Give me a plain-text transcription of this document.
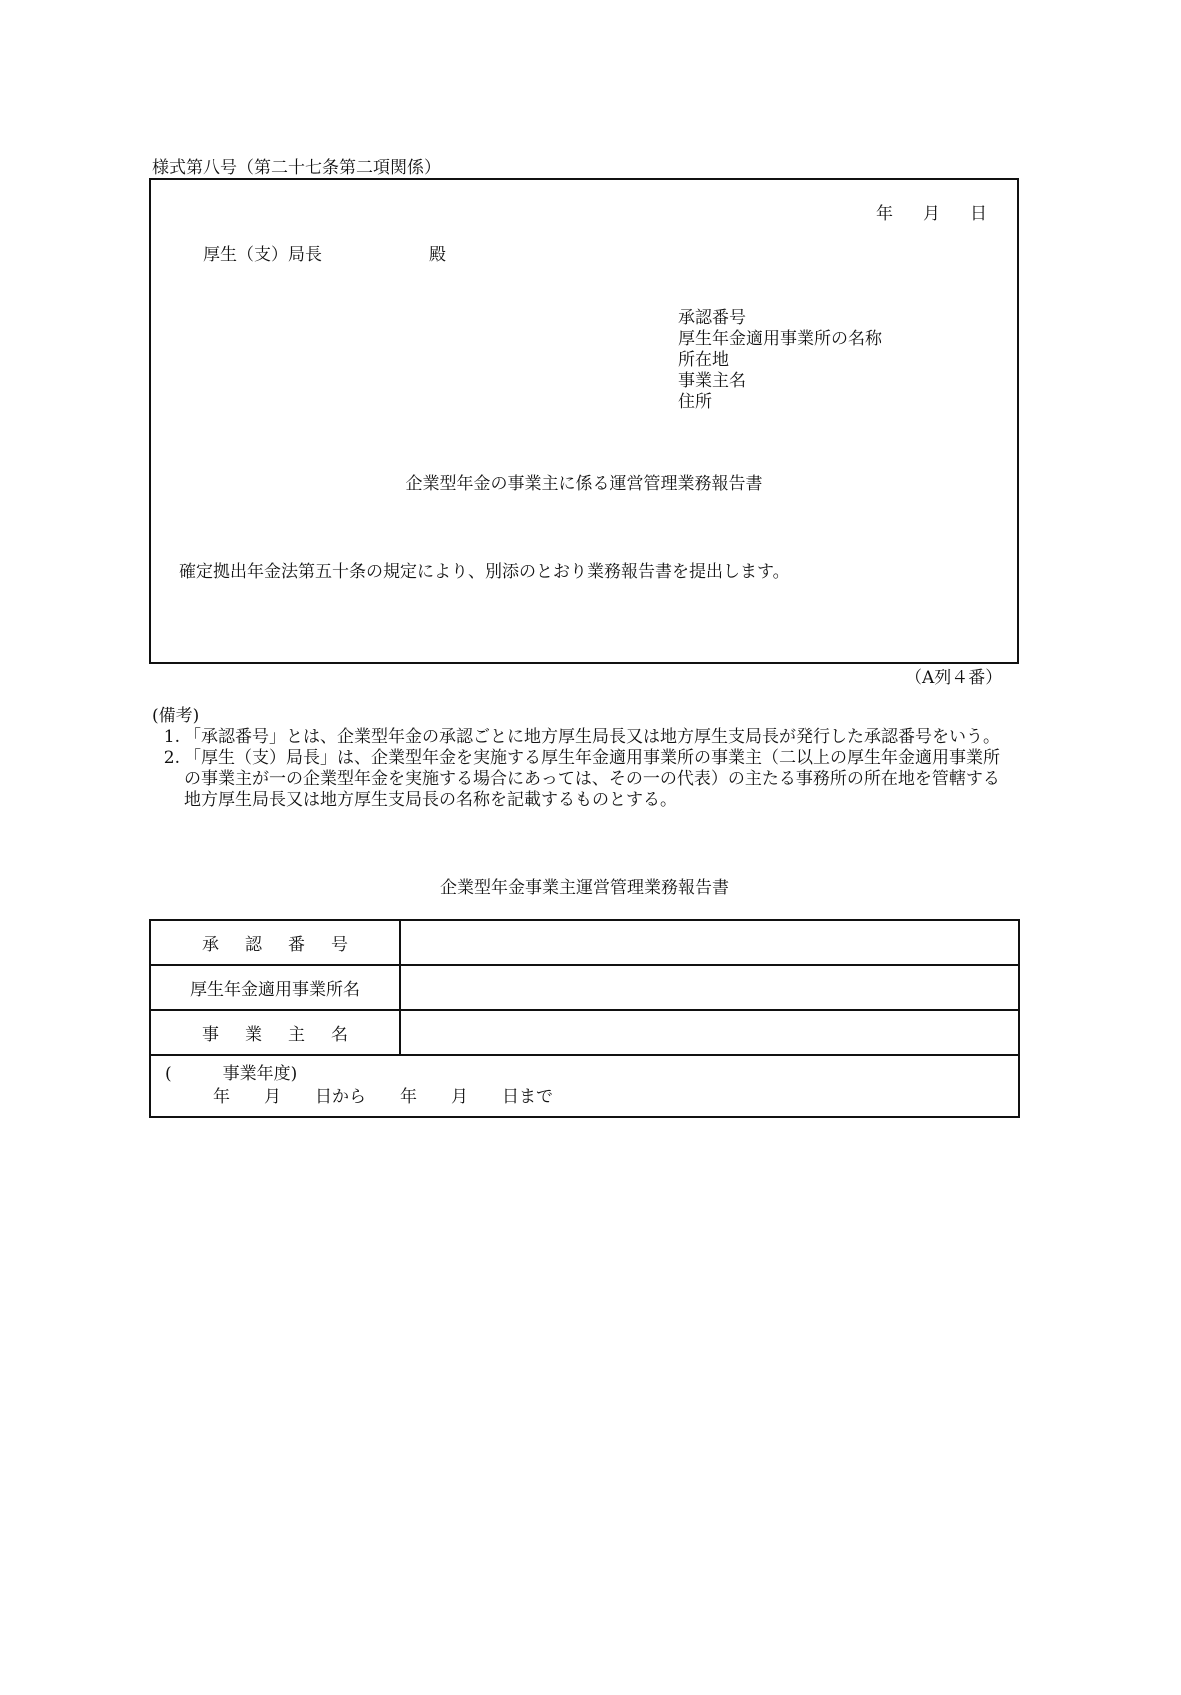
様式第八号（第二十七条第二項関係）
年 月 日
厚生（支）局長	殿
承認番号
厚生年金適用事業所の名称
所在地
事業主名
住所
企業型年金の事業主に係る運営管理業務報告書
確定拠出年金法第五十条の規定により、別添のとおり業務報告書を提出します。
（A列４番）
(備考)
1. 「承認番号」とは、企業型年金の承認ごとに地方厚生局長又は地方厚生支局長が発行した承認番号をいう。
2. 「厚生（支）局長」は、企業型年金を実施する厚生年金適用事業所の事業主（二以上の厚生年金適用事業所の事業主が一の企業型年金を実施する場合にあっては、その一の代表）の主たる事務所の所在地を管轄する地方厚生局長又は地方厚生支局長の名称を記載するものとする。
企業型年金事業主運営管理業務報告書
承認番号
厚生年金適用事業所名
事業主名
(　　　事業年度)
年　　月　　日から　　年　　月　　日まで
